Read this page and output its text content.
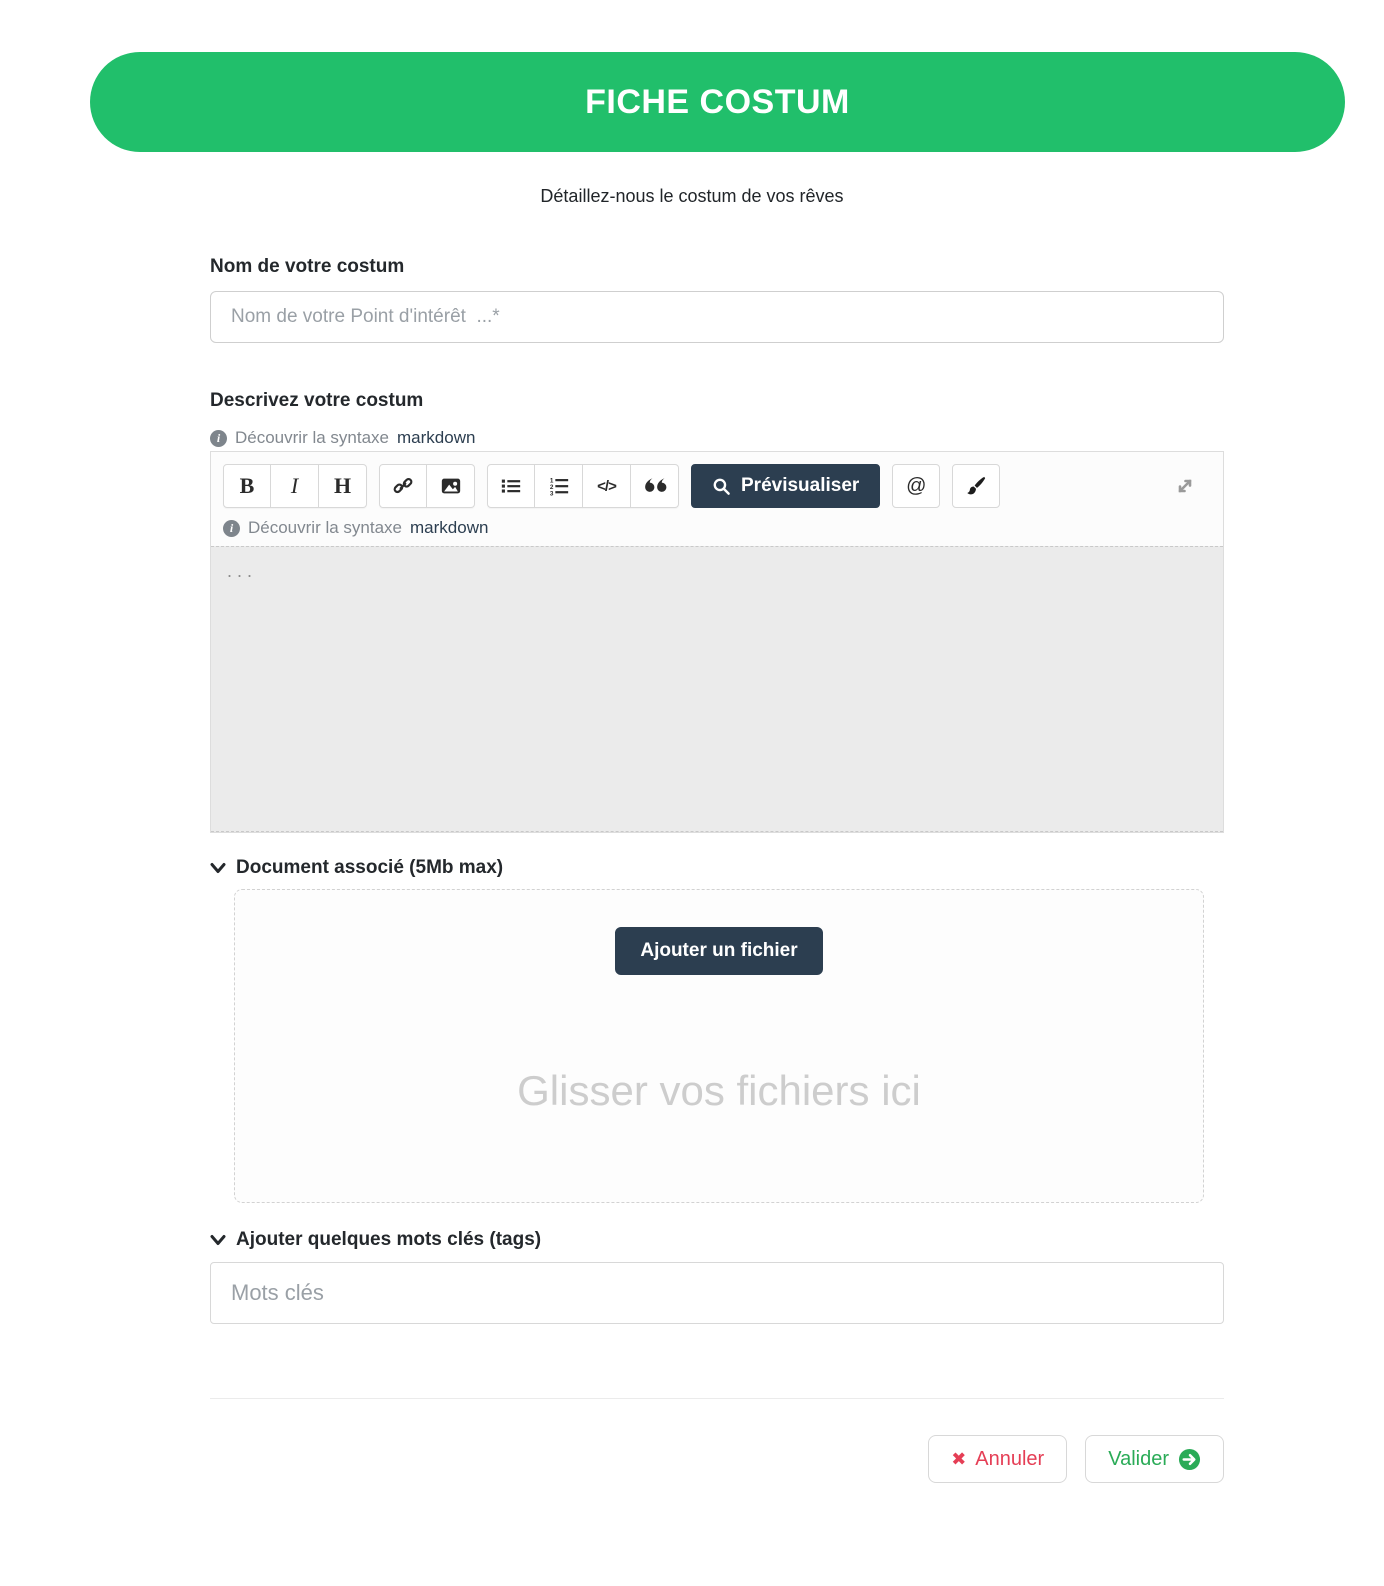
FICHE COSTUM

Détaillez-nous le costum de vos rêves

Nom de votre costum
Nom de votre Point d'intérêt ...*
Descrivez votre costum
i Découvrir la syntaxe markdown
B	I	H	1
2
3	</>	Prévisualiser	@
i Découvrir la syntaxe markdown
...
Document associé (5Mb max)
Ajouter un fichier
Glisser vos fichiers ici
Ajouter quelques mots clés (tags)
Mots clés
✖ Annuler	Valider
